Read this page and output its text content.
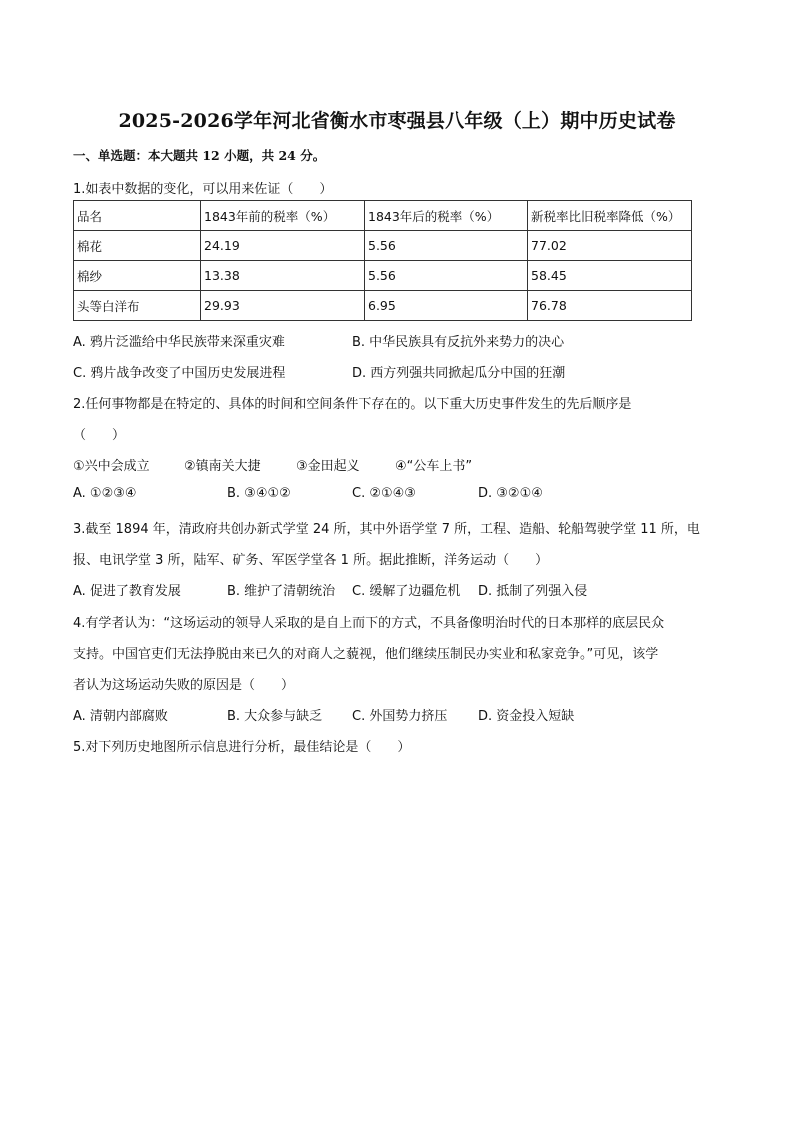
2025-2026学年河北省衡水市枣强县八年级（上）期中历史试卷
一、单选题：本大题共 12 小题，共 24 分。
1.如表中数据的变化，可以用来佐证（　　）
品名	1843年前的税率（%）	1843年后的税率（%）	新税率比旧税率降低（%）
棉花	24.19	5.56	77.02
棉纱	13.38	5.56	58.45
头等白洋布	29.93	6.95	76.78
A. 鸦片泛滥给中华民族带来深重灾难	B. 中华民族具有反抗外来势力的决心
C. 鸦片战争改变了中国历史发展进程	D. 西方列强共同掀起瓜分中国的狂潮
2.任何事物都是在特定的、具体的时间和空间条件下存在的。以下重大历史事件发生的先后顺序是
（　　）
①兴中会成立	②镇南关大捷	③金田起义	④“公车上书”
A. ①②③④	B. ③④①②	C. ②①④③	D. ③②①④
3.截至 1894 年，清政府共创办新式学堂 24 所，其中外语学堂 7 所，工程、造船、轮船驾驶学堂 11 所，电
报、电讯学堂 3 所，陆军、矿务、军医学堂各 1 所。据此推断，洋务运动（　　）
A. 促进了教育发展	B. 维护了清朝统治 C. 缓解了边疆危机 D. 抵制了列强入侵
4.有学者认为：“这场运动的领导人采取的是自上而下的方式，不具备像明治时代的日本那样的底层民众
支持。中国官吏们无法挣脱由来已久的对商人之藐视，他们继续压制民办实业和私家竞争。”可见，该学
者认为这场运动失败的原因是（　　）
A. 清朝内部腐败	B. 大众参与缺乏 C. 外国势力挤压 D. 资金投入短缺
5.对下列历史地图所示信息进行分析，最佳结论是（　　）
